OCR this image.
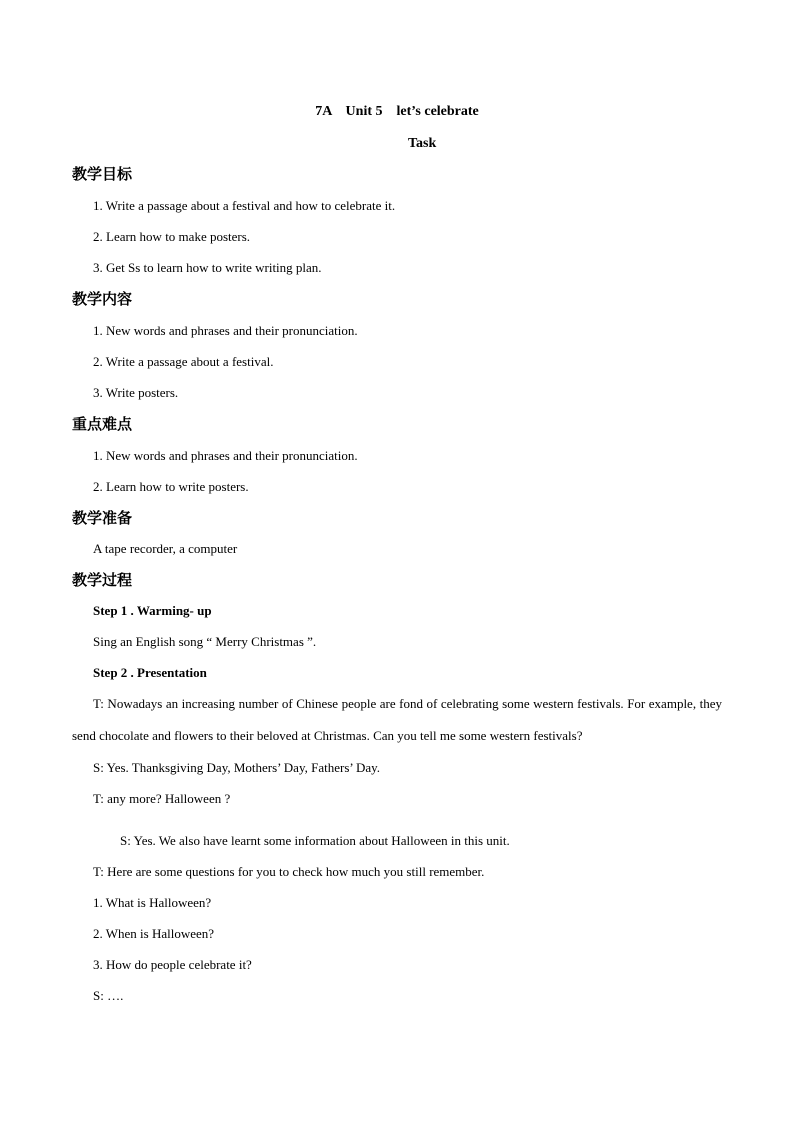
7A    Unit 5    let’s celebrate
Task
教学目标
1. Write a passage about a festival and how to celebrate it.
2. Learn how to make posters.
3. Get Ss to learn how to write writing plan.
教学内容
1. New words and phrases and their pronunciation.
2. Write a passage about a festival.
3. Write posters.
重点难点
1. New words and phrases and their pronunciation.
2. Learn how to write posters.
教学准备
A tape recorder, a computer
教学过程
Step 1 . Warming- up
Sing an English song “ Merry Christmas ”.
Step 2 . Presentation
T: Nowadays an increasing number of Chinese people are fond of celebrating some western festivals. For example, they send chocolate and flowers to their beloved at Christmas. Can you tell me some western festivals?
S: Yes. Thanksgiving Day, Mothers’ Day, Fathers’ Day.
T: any more? Halloween ?
S: Yes. We also have learnt some information about Halloween in this unit.
T: Here are some questions for you to check how much you still remember.
1. What is Halloween?
2. When is Halloween?
3. How do people celebrate it?
S: ….
